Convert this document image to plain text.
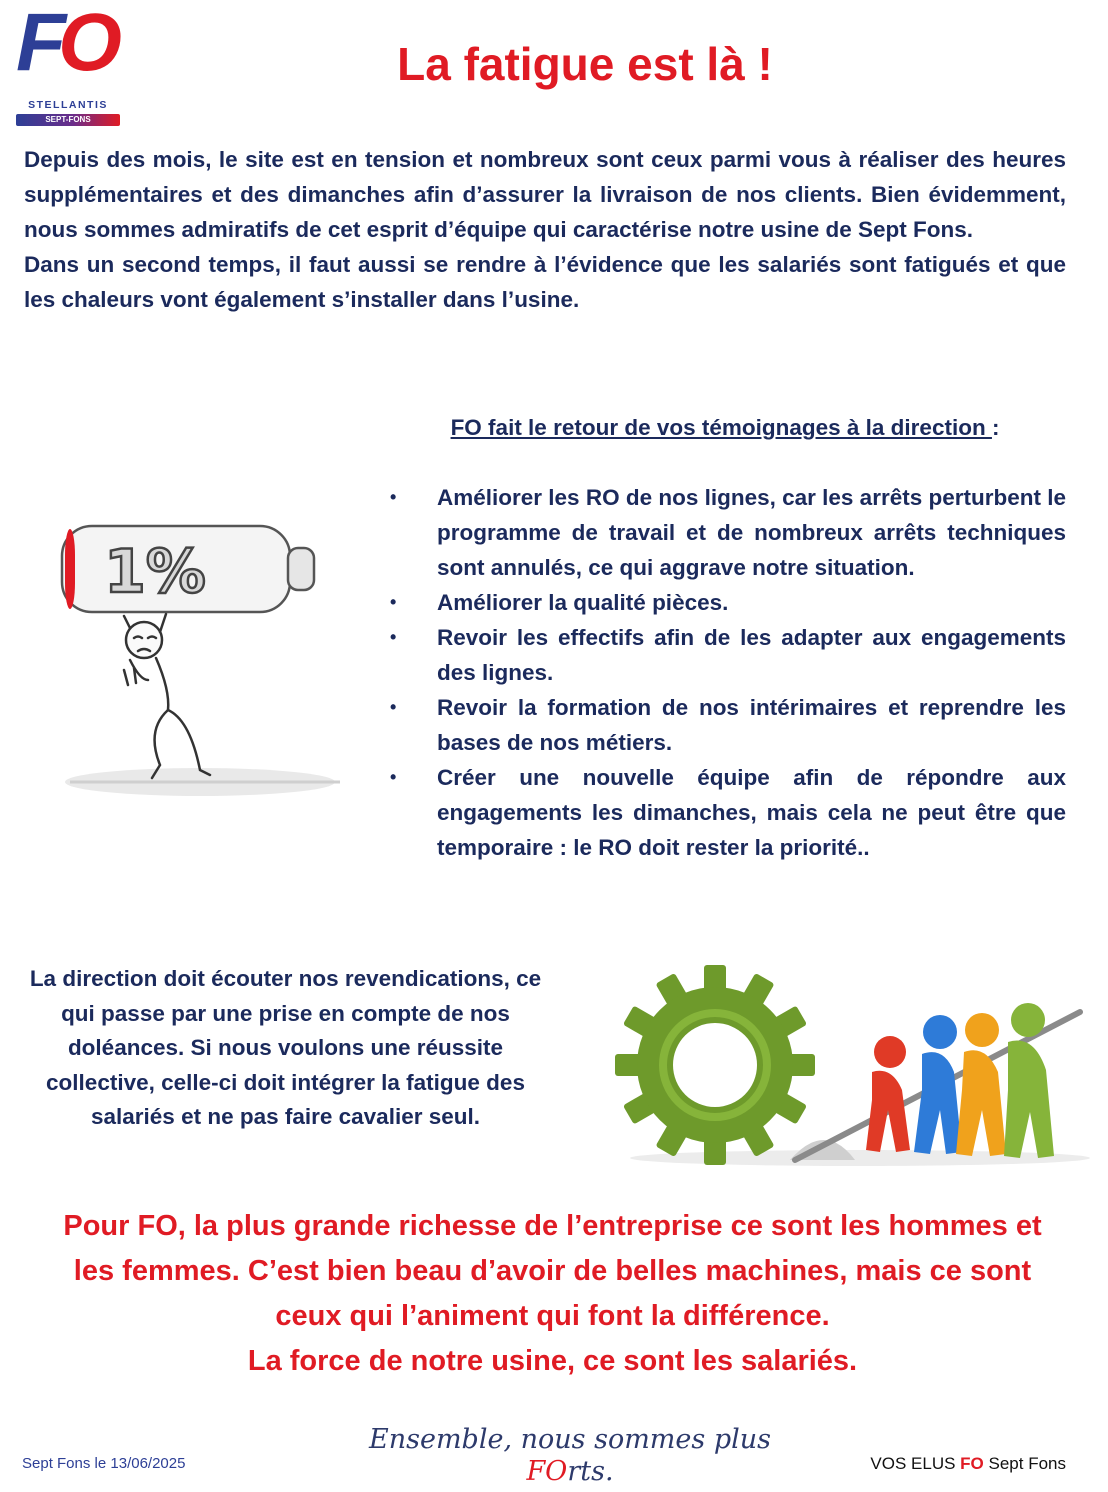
FO
STELLANTIS
SEPT-FONS
La fatigue est là !

Depuis des mois, le site est en tension et nombreux sont ceux parmi vous à réaliser des heures supplémentaires et des dimanches afin d’assurer la livraison de nos clients. Bien évidemment, nous sommes admiratifs de cet esprit d’équipe qui caractérise notre usine de Sept Fons.

Dans un second temps, il faut aussi se rendre à l’évidence que les salariés sont fatigués et que les chaleurs vont également s’installer dans l’usine.

FO fait le retour de vos témoignages à la direction :
• Améliorer les RO de nos lignes, car les arrêts perturbent le programme de travail et de nombreux arrêts techniques sont annulés, ce qui aggrave notre situation.
• Améliorer la qualité pièces.
• Revoir les effectifs afin de les adapter aux engagements des lignes.
• Revoir la formation de nos intérimaires et reprendre les bases de nos métiers.
• Créer une nouvelle équipe afin de répondre aux engagements les dimanches, mais cela ne peut être que temporaire : le RO doit rester la priorité..
1%
La direction doit écouter nos revendications, ce qui passe par une prise en compte de nos doléances. Si nous voulons une réussite collective, celle-ci doit intégrer la fatigue des salariés et ne pas faire cavalier seul.

Pour FO, la plus grande richesse de l’entreprise ce sont les hommes et les femmes. C’est bien beau d’avoir de belles machines, mais ce sont ceux qui l’animent qui font la différence.

La force de notre usine, ce sont les salariés.

Ensemble, nous sommes plus FOrts.
Sept Fons le 13/06/2025	VOS ELUS FO Sept Fons
